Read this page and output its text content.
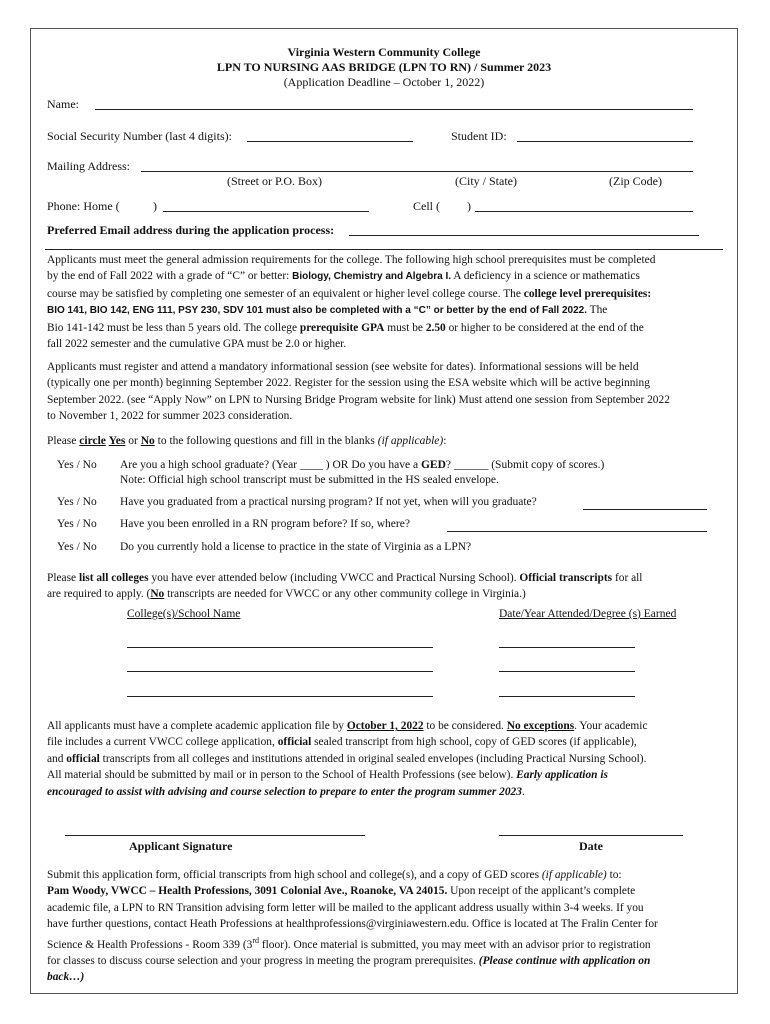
Virginia Western Community College
LPN TO NURSING AAS BRIDGE (LPN TO RN) / Summer 2023
(Application Deadline – October 1, 2022)
Name:
Social Security Number (last 4 digits):	Student ID:
Mailing Address:
(Street or P.O. Box)	(City / State)	(Zip Code)
Phone: Home (	)	Cell ( )
Preferred Email address during the application process:
Applicants must meet the general admission requirements for the college. The following high school prerequisites must be completed
by the end of Fall 2022 with a grade of “C” or better: Biology, Chemistry and Algebra I. A deficiency in a science or mathematics
course may be satisfied by completing one semester of an equivalent or higher level college course. The college level prerequisites:
BIO 141, BIO 142, ENG 111, PSY 230, SDV 101 must also be completed with a “C” or better by the end of Fall 2022. The
Bio 141-142 must be less than 5 years old. The college prerequisite GPA must be 2.50 or higher to be considered at the end of the
fall 2022 semester and the cumulative GPA must be 2.0 or higher.
Applicants must register and attend a mandatory informational session (see website for dates). Informational sessions will be held
(typically one per month) beginning September 2022. Register for the session using the ESA website which will be active beginning
September 2022. (see “Apply Now” on LPN to Nursing Bridge Program website for link) Must attend one session from September 2022
to November 1, 2022 for summer 2023 consideration.
Please circle Yes or No to the following questions and fill in the blanks (if applicable):
Yes / No Are you a high school graduate? (Year ____ ) OR Do you have a GED? ______ (Submit copy of scores.)
Note: Official high school transcript must be submitted in the HS sealed envelope.
Yes / No Have you graduated from a practical nursing program? If not yet, when will you graduate?
Yes / No Have you been enrolled in a RN program before? If so, where?
Yes / No Do you currently hold a license to practice in the state of Virginia as a LPN?
Please list all colleges you have ever attended below (including VWCC and Practical Nursing School). Official transcripts for all
are required to apply. (No transcripts are needed for VWCC or any other community college in Virginia.)
College(s)/School Name	Date/Year Attended/Degree (s) Earned
All applicants must have a complete academic application file by October 1, 2022 to be considered. No exceptions. Your academic
file includes a current VWCC college application, official sealed transcript from high school, copy of GED scores (if applicable),
and official transcripts from all colleges and institutions attended in original sealed envelopes (including Practical Nursing School).
All material should be submitted by mail or in person to the School of Health Professions (see below). Early application is
encouraged to assist with advising and course selection to prepare to enter the program summer 2023.
Applicant Signature	Date
Submit this application form, official transcripts from high school and college(s), and a copy of GED scores (if applicable) to:
Pam Woody, VWCC – Health Professions, 3091 Colonial Ave., Roanoke, VA 24015. Upon receipt of the applicant’s complete
academic file, a LPN to RN Transition advising form letter will be mailed to the applicant address usually within 3-4 weeks. If you
have further questions, contact Heath Professions at healthprofessions@virginiawestern.edu. Office is located at The Fralin Center for
Science & Health Professions - Room 339 (3rd floor). Once material is submitted, you may meet with an advisor prior to registration
for classes to discuss course selection and your progress in meeting the program prerequisites. (Please continue with application on
back…)
